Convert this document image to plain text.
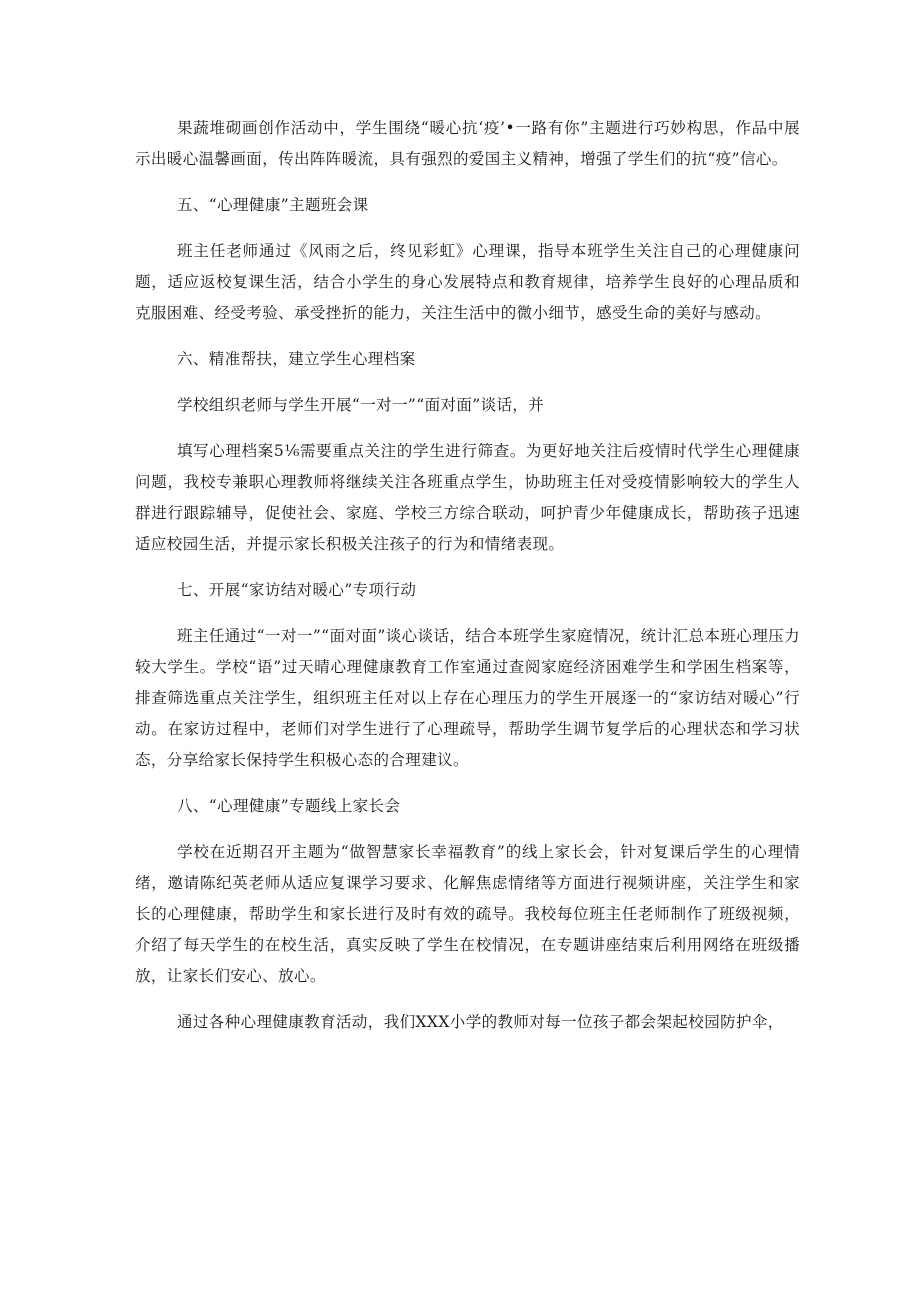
果蔬堆砌画创作活动中，学生围绕“暖心抗‘疫’•一路有你”主题进行巧妙构思，作品中展示出暖心温馨画面，传出阵阵暖流，具有强烈的爱国主义精神，增强了学生们的抗“疫”信心。

五、“心理健康”主题班会课

班主任老师通过《风雨之后，终见彩虹》心理课，指导本班学生关注自己的心理健康问题，适应返校复课生活，结合小学生的身心发展特点和教育规律，培养学生良好的心理品质和克服困难、经受考验、承受挫折的能力，关注生活中的微小细节，感受生命的美好与感动。

六、精准帮扶，建立学生心理档案

学校组织老师与学生开展“一对一”“面对面”谈话，并

填写心理档案5⅙需要重点关注的学生进行筛查。为更好地关注后疫情时代学生心理健康问题，我校专兼职心理教师将继续关注各班重点学生，协助班主任对受疫情影响较大的学生人群进行跟踪辅导，促使社会、家庭、学校三方综合联动，呵护青少年健康成长，帮助孩子迅速适应校园生活，并提示家长积极关注孩子的行为和情绪表现。

七、开展“家访结对暖心”专项行动

班主任通过“一对一”“面对面”谈心谈话，结合本班学生家庭情况，统计汇总本班心理压力较大学生。学校“语”过天晴心理健康教育工作室通过查阅家庭经济困难学生和学困生档案等，排查筛选重点关注学生，组织班主任对以上存在心理压力的学生开展逐一的“家访结对暖心”行动。在家访过程中，老师们对学生进行了心理疏导，帮助学生调节复学后的心理状态和学习状态，分享给家长保持学生积极心态的合理建议。

八、“心理健康”专题线上家长会

学校在近期召开主题为“做智慧家长幸福教育”的线上家长会，针对复课后学生的心理情绪，邀请陈纪英老师从适应复课学习要求、化解焦虑情绪等方面进行视频讲座，关注学生和家长的心理健康，帮助学生和家长进行及时有效的疏导。我校每位班主任老师制作了班级视频，介绍了每天学生的在校生活，真实反映了学生在校情况，在专题讲座结束后利用网络在班级播放，让家长们安心、放心。

通过各种心理健康教育活动，我们XXX小学的教师对每一位孩子都会架起校园防护伞，
